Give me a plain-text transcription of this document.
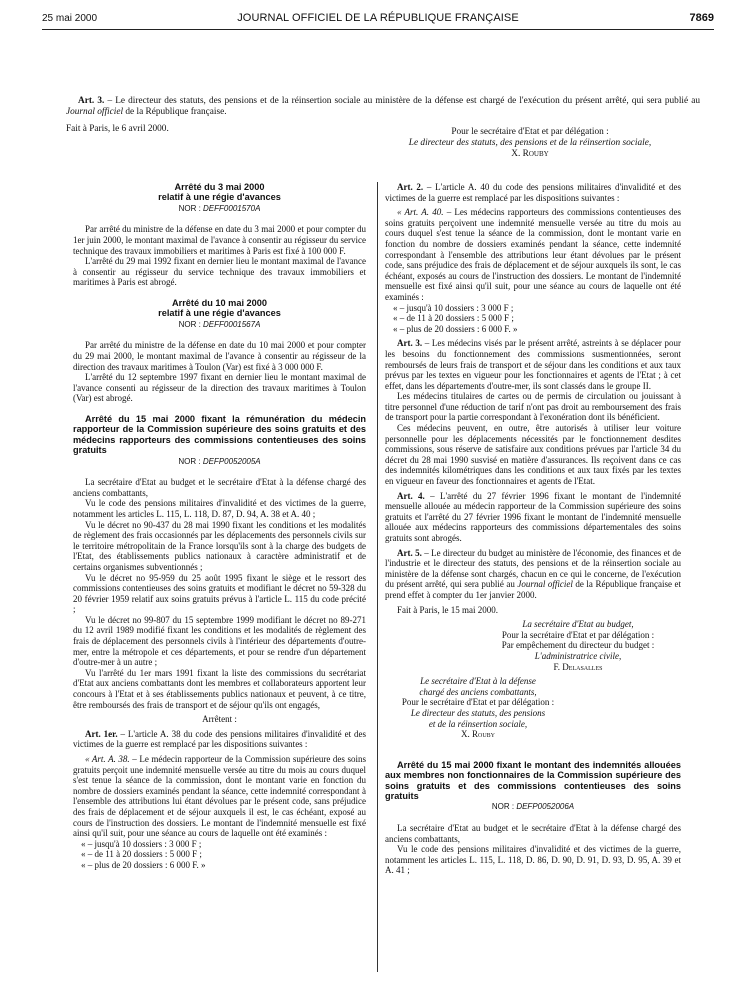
25 mai 2000	JOURNAL OFFICIEL DE LA RÉPUBLIQUE FRANÇAISE	7869

Art. 3. – Le directeur des statuts, des pensions et de la réinsertion sociale au ministère de la défense est chargé de l'exécution du présent arrêté, qui sera publié au Journal officiel de la République française.

Fait à Paris, le 6 avril 2000.	Pour le secrétaire d'Etat et par délégation :
Le directeur des statuts, des pensions et de la réinsertion sociale,
X. Rouby
Arrêté du 3 mai 2000
relatif à une régie d'avances
NOR : DEFF0001570A

Par arrêté du ministre de la défense en date du 3 mai 2000 et pour compter du 1er juin 2000, le montant maximal de l'avance à consentir au régisseur du service technique des travaux immobiliers et maritimes à Paris est fixé à 100 000 F.

L'arrêté du 29 mai 1992 fixant en dernier lieu le montant maximal de l'avance à consentir au régisseur du service technique des travaux immobiliers et maritimes à Paris est abrogé.

Arrêté du 10 mai 2000
relatif à une régie d'avances
NOR : DEFF0001567A

Par arrêté du ministre de la défense en date du 10 mai 2000 et pour compter du 29 mai 2000, le montant maximal de l'avance à consentir au régisseur de la direction des travaux maritimes à Toulon (Var) est fixé à 3 000 000 F.

L'arrêté du 12 septembre 1997 fixant en dernier lieu le montant maximal de l'avance consenti au régisseur de la direction des travaux maritimes à Toulon (Var) est abrogé.

Arrêté du 15 mai 2000 fixant la rémunération du médecin rapporteur de la Commission supérieure des soins gratuits et des médecins rapporteurs des commissions contentieuses des soins gratuits

NOR : DEFP0052005A

La secrétaire d'Etat au budget et le secrétaire d'Etat à la défense chargé des anciens combattants,

Vu le code des pensions militaires d'invalidité et des victimes de la guerre, notamment les articles L. 115, L. 118, D. 87, D. 94, A. 38 et A. 40 ;

Vu le décret no 90-437 du 28 mai 1990 fixant les conditions et les modalités de règlement des frais occasionnés par les déplacements des personnels civils sur le territoire métropolitain de la France lorsqu'ils sont à la charge des budgets de l'Etat, des établissements publics nationaux à caractère administratif et de certains organismes subventionnés ;

Vu le décret no 95-959 du 25 août 1995 fixant le siège et le ressort des commissions contentieuses des soins gratuits et modifiant le décret no 59-328 du 20 février 1959 relatif aux soins gratuits prévus à l'article L. 115 du code précité ;

Vu le décret no 99-807 du 15 septembre 1999 modifiant le décret no 89-271 du 12 avril 1989 modifié fixant les conditions et les modalités de règlement des frais de déplacement des personnels civils à l'intérieur des départements d'outre-mer, entre la métropole et ces départements, et pour se rendre d'un département d'outre-mer à un autre ;

Vu l'arrêté du 1er mars 1991 fixant la liste des commissions du secrétariat d'Etat aux anciens combattants dont les membres et collaborateurs apportent leur concours à l'Etat et à ses établissements publics nationaux et peuvent, à ce titre, être remboursés des frais de transport et de séjour qu'ils ont engagés,

Arrêtent :

Art. 1er. – L'article A. 38 du code des pensions militaires d'invalidité et des victimes de la guerre est remplacé par les dispositions suivantes :

« Art. A. 38. – Le médecin rapporteur de la Commission supérieure des soins gratuits perçoit une indemnité mensuelle versée au titre du mois au cours duquel s'est tenue la séance de la commission, dont le montant varie en fonction du nombre de dossiers examinés pendant la séance, cette indemnité correspondant à l'ensemble des attributions lui étant dévolues par le présent code, sans préjudice des frais de déplacement et de séjour auxquels il est, le cas échéant, exposé au cours de l'instruction des dossiers. Le montant de l'indemnité mensuelle est fixé ainsi qu'il suit, pour une séance au cours de laquelle ont été examinés :

« – jusqu'à 10 dossiers : 3 000 F ;

« – de 11 à 20 dossiers : 5 000 F ;

« – plus de 20 dossiers : 6 000 F. »

Art. 2. – L'article A. 40 du code des pensions militaires d'invalidité et des victimes de la guerre est remplacé par les dispositions suivantes :

« Art. A. 40. – Les médecins rapporteurs des commissions contentieuses des soins gratuits perçoivent une indemnité mensuelle versée au titre du mois au cours duquel s'est tenue la séance de la commission, dont le montant varie en fonction du nombre de dossiers examinés pendant la séance, cette indemnité correspondant à l'ensemble des attributions leur étant dévolues par le présent code, sans préjudice des frais de déplacement et de séjour auxquels ils sont, le cas échéant, exposés au cours de l'instruction des dossiers. Le montant de l'indemnité mensuelle est fixé ainsi qu'il suit, pour une séance au cours de laquelle ont été examinés :

« – jusqu'à 10 dossiers : 3 000 F ;

« – de 11 à 20 dossiers : 5 000 F ;

« – plus de 20 dossiers : 6 000 F. »

Art. 3. – Les médecins visés par le présent arrêté, astreints à se déplacer pour les besoins du fonctionnement des commissions susmentionnées, seront remboursés de leurs frais de transport et de séjour dans les conditions et aux taux prévus par les textes en vigueur pour les fonctionnaires et agents de l'Etat ; à cet effet, dans les départements d'outre-mer, ils sont classés dans le groupe II.

Les médecins titulaires de cartes ou de permis de circulation ou jouissant à titre personnel d'une réduction de tarif n'ont pas droit au remboursement des frais de transport pour la partie correspondant à l'exonération dont ils bénéficient.

Ces médecins peuvent, en outre, être autorisés à utiliser leur voiture personnelle pour les déplacements nécessités par le fonctionnement desdites commissions, sous réserve de satisfaire aux conditions prévues par l'article 34 du décret du 28 mai 1990 susvisé en matière d'assurances. Ils reçoivent dans ce cas des indemnités kilométriques dans les conditions et aux taux fixés par les textes en vigueur en faveur des fonctionnaires et agents de l'Etat.

Art. 4. – L'arrêté du 27 février 1996 fixant le montant de l'indemnité mensuelle allouée au médecin rapporteur de la Commission supérieure des soins gratuits et l'arrêté du 27 février 1996 fixant le montant de l'indemnité mensuelle allouée aux médecins rapporteurs des commissions départementales des soins gratuits sont abrogés.

Art. 5. – Le directeur du budget au ministère de l'économie, des finances et de l'industrie et le directeur des statuts, des pensions et de la réinsertion sociale au ministère de la défense sont chargés, chacun en ce qui le concerne, de l'exécution du présent arrêté, qui sera publié au Journal officiel de la République française et prend effet à compter du 1er janvier 2000.

Fait à Paris, le 15 mai 2000.

La secrétaire d'Etat au budget,
Pour la secrétaire d'Etat et par délégation :
Par empêchement du directeur du budget :
L'administratrice civile,
F. Delasalles
Le secrétaire d'Etat à la défense
chargé des anciens combattants,
Pour le secrétaire d'Etat et par délégation :
Le directeur des statuts, des pensions
et de la réinsertion sociale,
X. Rouby

Arrêté du 15 mai 2000 fixant le montant des indemnités allouées aux membres non fonctionnaires de la Commission supérieure des soins gratuits et des commissions contentieuses des soins gratuits

NOR : DEFP0052006A

La secrétaire d'Etat au budget et le secrétaire d'Etat à la défense chargé des anciens combattants,

Vu le code des pensions militaires d'invalidité et des victimes de la guerre, notamment les articles L. 115, L. 118, D. 86, D. 90, D. 91, D. 93, D. 95, A. 39 et A. 41 ;
